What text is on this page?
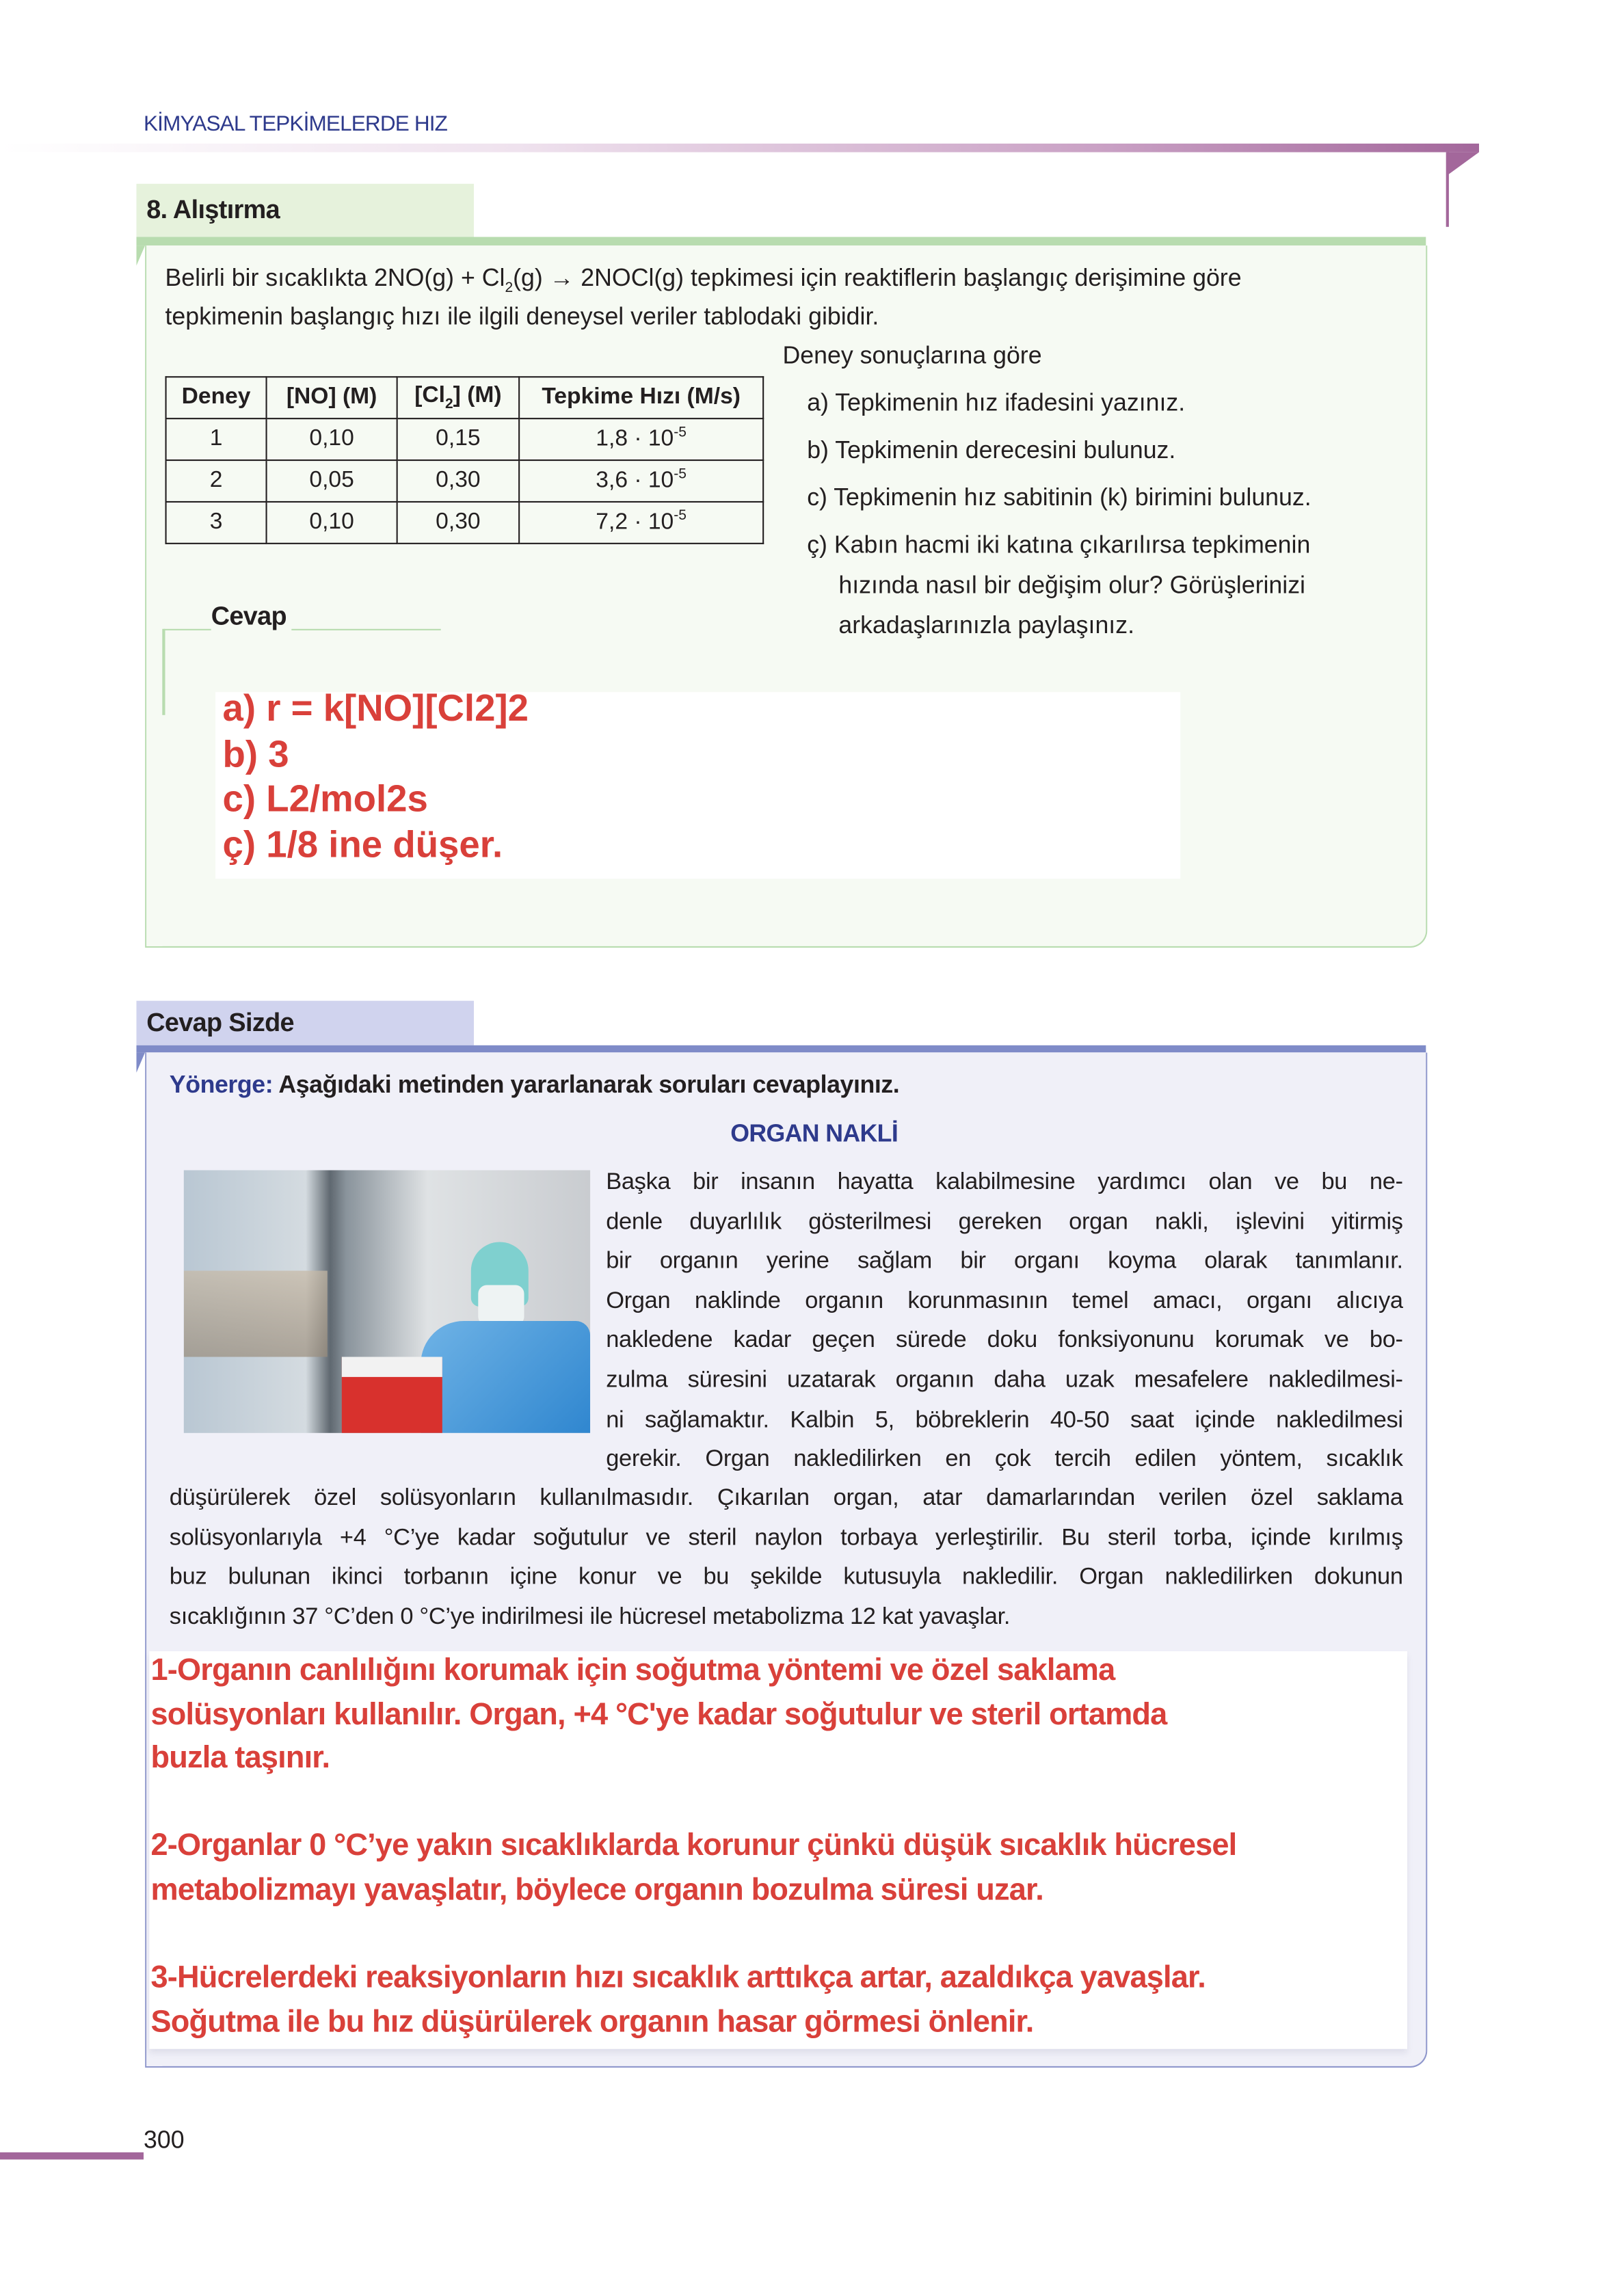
KİMYASAL TEPKİMELERDE HIZ
8. Alıştırma
Belirli bir sıcaklıkta $2NO(g) + Cl_2(g)$ → 2NOCl(g) tepkimesi için reaktiflerin başlangıç derişimine göre
tepkimenin başlangıç hızı ile ilgili deneysel veriler tablodaki gibidir.
Deney sonuçlarına göre
Deney	[NO] (M)	$[Cl_2]$ (M)	Tepkime Hızı (M/s)
1	0,10	0,15	$1,8 \cdot 10^{-5}$
2	0,05	0,30	$3,6 \cdot 10^{-5}$
3	0,10	0,30	$7,2 \cdot 10^{-5}$
a) Tepkimenin hız ifadesini yazınız.
b) Tepkimenin derecesini bulunuz.
c) Tepkimenin hız sabitinin (k) birimini bulunuz.
ç) Kabın hacmi iki katına çıkarılırsa tepkimenin
hızında nasıl bir değişim olur? Görüşlerinizi
arkadaşlarınızla paylaşınız.
Cevap
a) r = k[NO][Cl2]2
b) 3
c) L2/mol2s
ç) 1/8 ine düşer.
Cevap Sizde
Yönerge: Aşağıdaki metinden yararlanarak soruları cevaplayınız.
ORGAN NAKLİ
Başka bir insanın hayatta kalabilmesine yardımcı olan ve bu ne-
denle duyarlılık gösterilmesi gereken organ nakli, işlevini yitirmiş
bir organın yerine sağlam bir organı koyma olarak tanımlanır.
Organ naklinde organın korunmasının temel amacı, organı alıcıya
nakledene kadar geçen sürede doku fonksiyonunu korumak ve bo-
zulma süresini uzatarak organın daha uzak mesafelere nakledilmesi-
ni sağlamaktır. Kalbin 5, böbreklerin 40-50 saat içinde nakledilmesi
gerekir. Organ nakledilirken en çok tercih edilen yöntem, sıcaklık
düşürülerek özel solüsyonların kullanılmasıdır. Çıkarılan organ, atar damarlarından verilen özel saklama
solüsyonlarıyla +4 °C’ye kadar soğutulur ve steril naylon torbaya yerleştirilir. Bu steril torba, içinde kırılmış
buz bulunan ikinci torbanın içine konur ve bu şekilde kutusuyla nakledilir. Organ nakledilirken dokunun
sıcaklığının 37 °C’den 0 °C’ye indirilmesi ile hücresel metabolizma 12 kat yavaşlar.
1-Organın canlılığını korumak için soğutma yöntemi ve özel saklama
solüsyonları kullanılır. Organ, +4 °C'ye kadar soğutulur ve steril ortamda
buzla taşınır.
2-Organlar 0 °C’ye yakın sıcaklıklarda korunur çünkü düşük sıcaklık hücresel
metabolizmayı yavaşlatır, böylece organın bozulma süresi uzar.
3-Hücrelerdeki reaksiyonların hızı sıcaklık arttıkça artar, azaldıkça yavaşlar.
Soğutma ile bu hız düşürülerek organın hasar görmesi önlenir.
300
